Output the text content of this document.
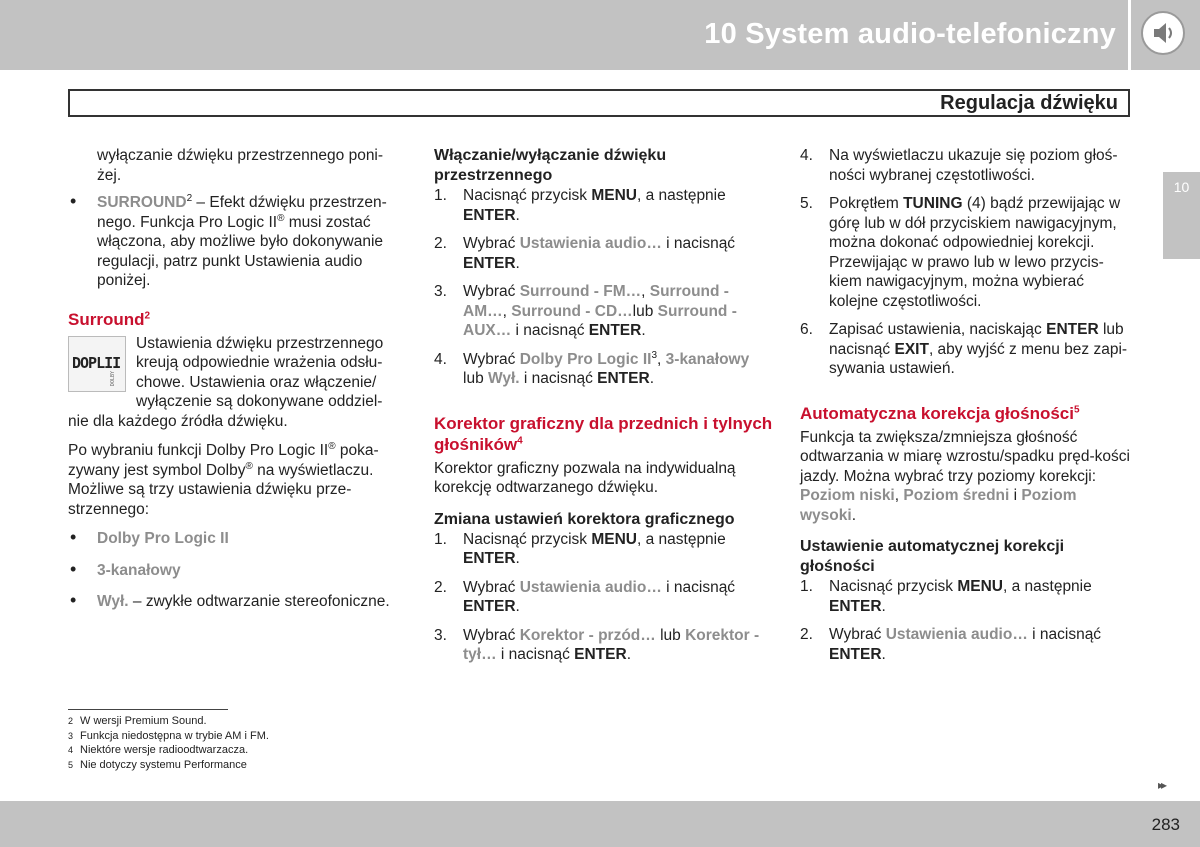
10 System audio-telefoniczny
Regulacja dźwięku
10

wyłączanie dźwięku przestrzennego poni-żej.

• SURROUND$^2$ – Efekt dźwięku przestrzen-nego. Funkcja Pro Logic II® musi zostać włączona, aby możliwe było dokonywanie regulacji, patrz punkt Ustawienia audio poniżej.
Surround$^2$

DOPLII
DOLBY
Ustawienia dźwięku przestrzennego kreują odpowiednie wrażenia odsłu-chowe. Ustawienia oraz włączenie/ wyłączenie są dokonywane oddziel-nie dla każdego źródła dźwięku.

Po wybraniu funkcji Dolby Pro Logic II® poka-zywany jest symbol Dolby® na wyświetlaczu. Możliwe są trzy ustawienia dźwięku prze-strzennego:

• Dolby Pro Logic II
• 3-kanałowy
• Wył. – zwykłe odtwarzanie stereofoniczne.
Włączanie/wyłączanie dźwięku przestrzennego
1. Nacisnąć przycisk MENU, a następnie ENTER.
2. Wybrać Ustawienia audio… i nacisnąć ENTER.
3. Wybrać Surround - FM…, Surround - AM…, Surround - CD…lub Surround - AUX… i nacisnąć ENTER.
4. Wybrać Dolby Pro Logic $II^3$, 3-kanałowy lub Wył. i nacisnąć ENTER.
Korektor graficzny dla przednich i tylnych głośników$^4$

Korektor graficzny pozwala na indywidualną korekcję odtwarzanego dźwięku.

Zmiana ustawień korektora graficznego
1. Nacisnąć przycisk MENU, a następnie ENTER.
2. Wybrać Ustawienia audio… i nacisnąć ENTER.
3. Wybrać Korektor - przód… lub Korektor - tył… i nacisnąć ENTER.
4. Na wyświetlaczu ukazuje się poziom głoś-ności wybranej częstotliwości.
5. Pokrętłem TUNING (4) bądź przewijając w górę lub w dół przyciskiem nawigacyjnym, można dokonać odpowiedniej korekcji. Przewijając w prawo lub w lewo przycis-kiem nawigacyjnym, można wybierać kolejne częstotliwości.
6. Zapisać ustawienia, naciskając ENTER lub nacisnąć EXIT, aby wyjść z menu bez zapi-sywania ustawień.
Automatyczna korekcja głośności$^5$

Funkcja ta zwiększa/zmniejsza głośność odtwarzania w miarę wzrostu/spadku pręd-kości jazdy. Można wybrać trzy poziomy korekcji: Poziom niski, Poziom średni i Poziom wysoki.

Ustawienie automatycznej korekcji głośności
1. Nacisnąć przycisk MENU, a następnie ENTER.
2. Wybrać Ustawienia audio… i nacisnąć ENTER.
2 W wersji Premium Sound.
3 Funkcja niedostępna w trybie AM i FM.
4 Niektóre wersje radioodtwarzacza.
5 Nie dotyczy systemu Performance
▸▸
283
